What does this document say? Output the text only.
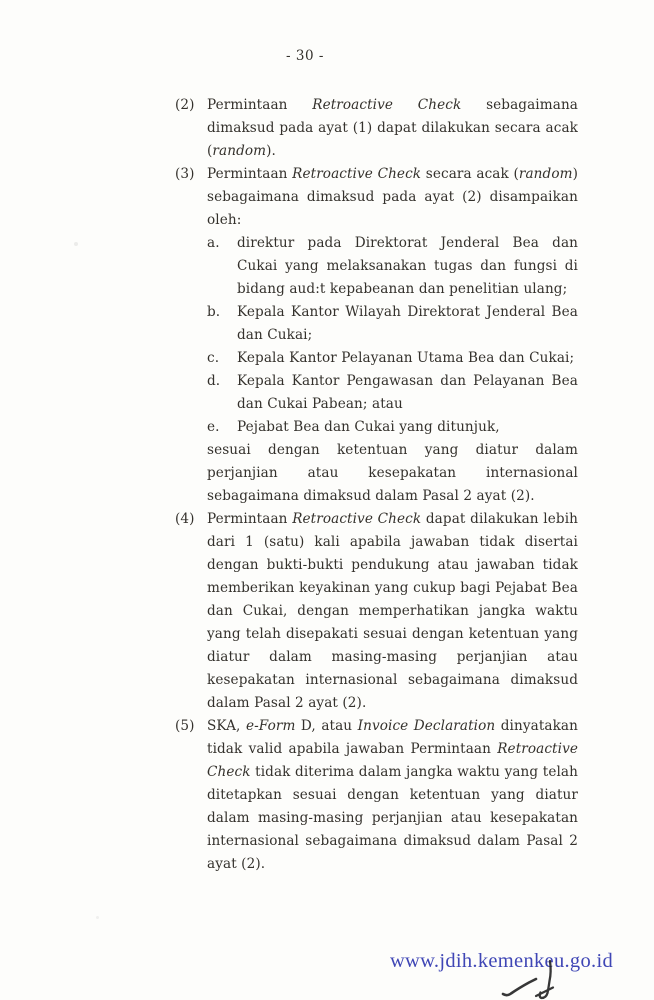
- 30 -
(2) Permintaan Retroactive Check sebagaimana dimaksud pada ayat (1) dapat dilakukan secara acak (random).
(3) Permintaan Retroactive Check secara acak (random) sebagaimana dimaksud pada ayat (2) disampaikan oleh:
a.	direktur pada Direktorat Jenderal Bea dan Cukai yang melaksanakan tugas dan fungsi di bidang aud:t kepabeanan dan penelitian ulang;
b.	Kepala Kantor Wilayah Direktorat Jenderal Bea dan Cukai;
c.	Kepala Kantor Pelayanan Utama Bea dan Cukai;
d.	Kepala Kantor Pengawasan dan Pelayanan Bea dan Cukai Pabean; atau
e.	Pejabat Bea dan Cukai yang ditunjuk,
sesuai dengan ketentuan yang diatur dalam perjanjian atau kesepakatan internasional sebagaimana dimaksud dalam Pasal 2 ayat (2).
(4) Permintaan Retroactive Check dapat dilakukan lebih dari 1 (satu) kali apabila jawaban tidak disertai dengan bukti-bukti pendukung atau jawaban tidak memberikan keyakinan yang cukup bagi Pejabat Bea dan Cukai, dengan memperhatikan jangka waktu yang telah disepakati sesuai dengan ketentuan yang diatur dalam masing-masing perjanjian atau kesepakatan internasional sebagaimana dimaksud dalam Pasal 2 ayat (2).
(5) SKA, e-Form D, atau Invoice Declaration dinyatakan tidak valid apabila jawaban Permintaan Retroactive Check tidak diterima dalam jangka waktu yang telah ditetapkan sesuai dengan ketentuan yang diatur dalam masing-masing perjanjian atau kesepakatan internasional sebagaimana dimaksud dalam Pasal 2 ayat (2).
www.jdih.kemenkeu.go.id
